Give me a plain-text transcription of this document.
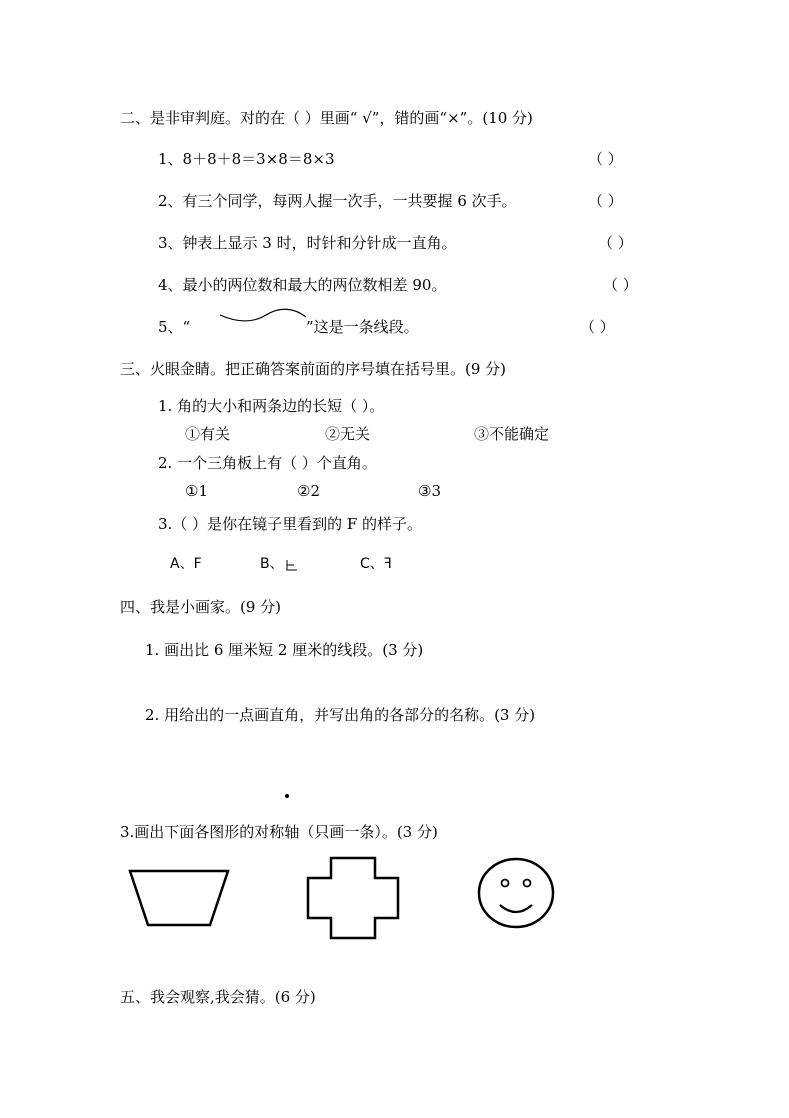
二、是非审判庭。对的在（ ）里画“ √”，错的画“×”。(10 分)
1、8＋8＋8＝3×8＝8×3	（ ）
2、有三个同学，每两人握一次手，一共要握 6 次手。	（ ）
3、钟表上显示 3 时，时针和分针成一直角。	（ ）
4、最小的两位数和最大的两位数相差 90。	（ ）
5、“	”这是一条线段。	（ ）
三、火眼金睛。把正确答案前面的序号填在括号里。(9 分)
1. 角的大小和两条边的长短（ ）。
①有关	②无关	③不能确定
2. 一个三角板上有（ ）个直角。
①1	②2	③3
3.（ ）是你在镜子里看到的 F 的样子。
A、F	B、	C、ꟻ
四、我是小画家。(9 分)
1. 画出比 6 厘米短 2 厘米的线段。(3 分)
2. 用给出的一点画直角，并写出角的各部分的名称。(3 分)
3.画出下面各图形的对称轴（只画一条）。(3 分)
五、我会观察,我会猜。(6 分)
